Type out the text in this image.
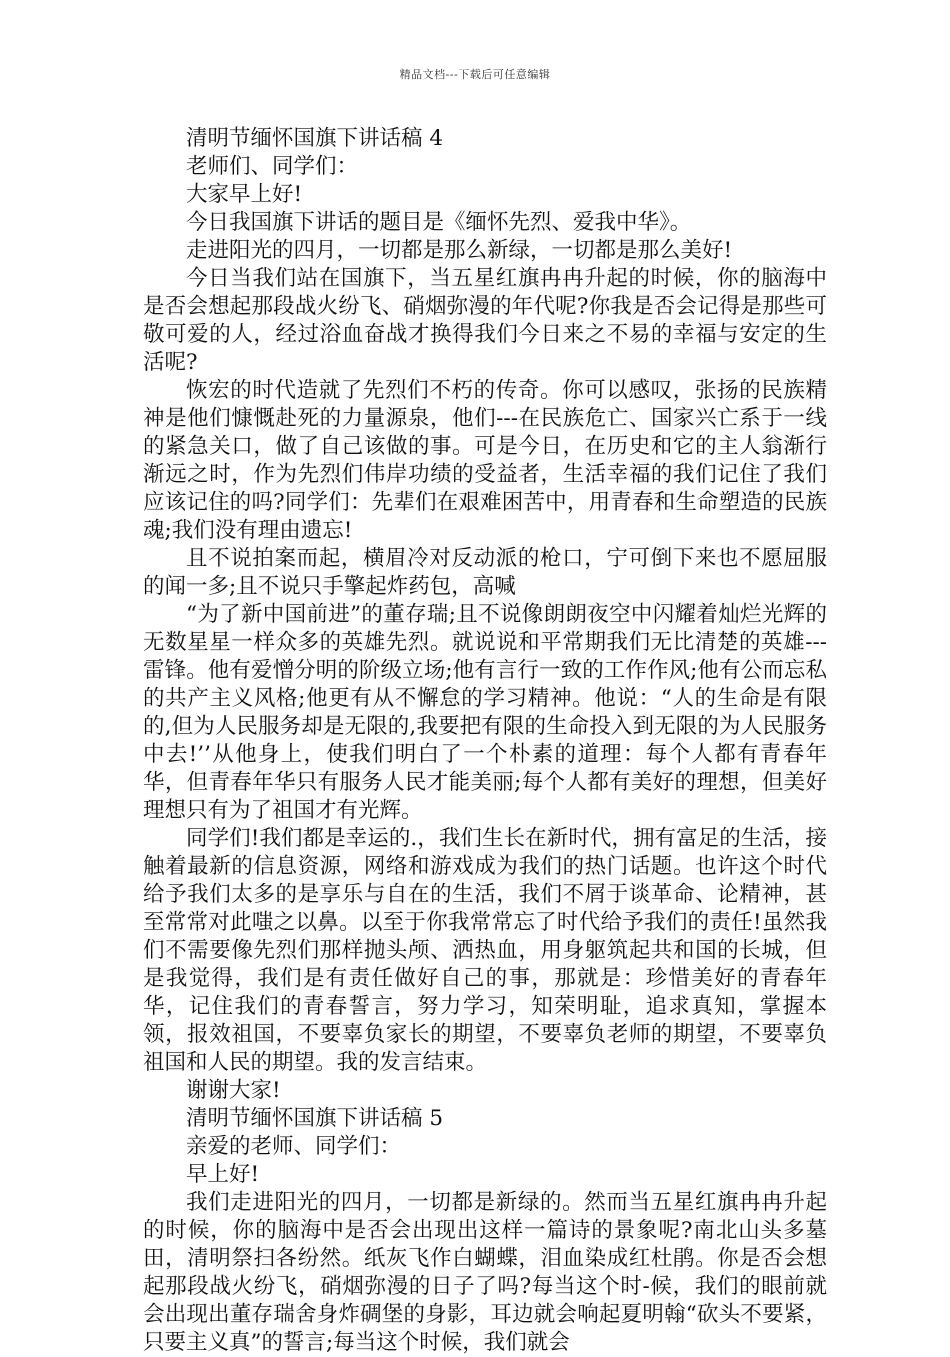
精品文档---下载后可任意编辑

清明节缅怀国旗下讲话稿 4

老师们、同学们：

大家早上好!

今日我国旗下讲话的题目是《缅怀先烈、爱我中华》。

走进阳光的四月，一切都是那么新绿，一切都是那么美好!

今日当我们站在国旗下，当五星红旗冉冉升起的时候，你的脑海中是否会想起那段战火纷飞、硝烟弥漫的年代呢?你我是否会记得是那些可敬可爱的人，经过浴血奋战才换得我们今日来之不易的幸福与安定的生活呢?

恢宏的时代造就了先烈们不朽的传奇。你可以感叹，张扬的民族精神是他们慷慨赴死的力量源泉，他们---在民族危亡、国家兴亡系于一线的紧急关口，做了自己该做的事。可是今日，在历史和它的主人翁渐行渐远之时，作为先烈们伟岸功绩的受益者，生活幸福的我们记住了我们应该记住的吗?同学们：先辈们在艰难困苦中，用青春和生命塑造的民族魂;我们没有理由遗忘!

且不说拍案而起，横眉冷对反动派的枪口，宁可倒下来也不愿屈服的闻一多;且不说只手擎起炸药包，高喊

“为了新中国前进”的董存瑞;且不说像朗朗夜空中闪耀着灿烂光辉的无数星星一样众多的英雄先烈。就说说和平常期我们无比清楚的英雄---雷锋。他有爱憎分明的阶级立场;他有言行一致的工作作风;他有公而忘私的共产主义风格;他更有从不懈怠的学习精神。他说：“人的生命是有限的,但为人民服务却是无限的,我要把有限的生命投入到无限的为人民服务中去!’’从他身上，使我们明白了一个朴素的道理：每个人都有青春年华，但青春年华只有服务人民才能美丽;每个人都有美好的理想，但美好理想只有为了祖国才有光辉。

同学们!我们都是幸运的.，我们生长在新时代，拥有富足的生活，接触着最新的信息资源，网络和游戏成为我们的热门话题。也许这个时代给予我们太多的是享乐与自在的生活，我们不屑于谈革命、论精神，甚至常常对此嗤之以鼻。以至于你我常常忘了时代给予我们的责任!虽然我们不需要像先烈们那样抛头颅、洒热血，用身躯筑起共和国的长城，但是我觉得，我们是有责任做好自己的事，那就是：珍惜美好的青春年华，记住我们的青春誓言，努力学习，知荣明耻，追求真知，掌握本领，报效祖国，不要辜负家长的期望，不要辜负老师的期望，不要辜负祖国和人民的期望。我的发言结束。

谢谢大家!

清明节缅怀国旗下讲话稿 5

亲爱的老师、同学们：

早上好!

我们走进阳光的四月，一切都是新绿的。然而当五星红旗冉冉升起的时候，你的脑海中是否会出现出这样一篇诗的景象呢?南北山头多墓田，清明祭扫各纷然。纸灰飞作白蝴蝶，泪血染成红杜鹃。你是否会想起那段战火纷飞，硝烟弥漫的日子了吗?每当这个时-候，我们的眼前就会出现出董存瑞舍身炸碉堡的身影，耳边就会响起夏明翰“砍头不要紧，只要主义真”的誓言;每当这个时候，我们就会
